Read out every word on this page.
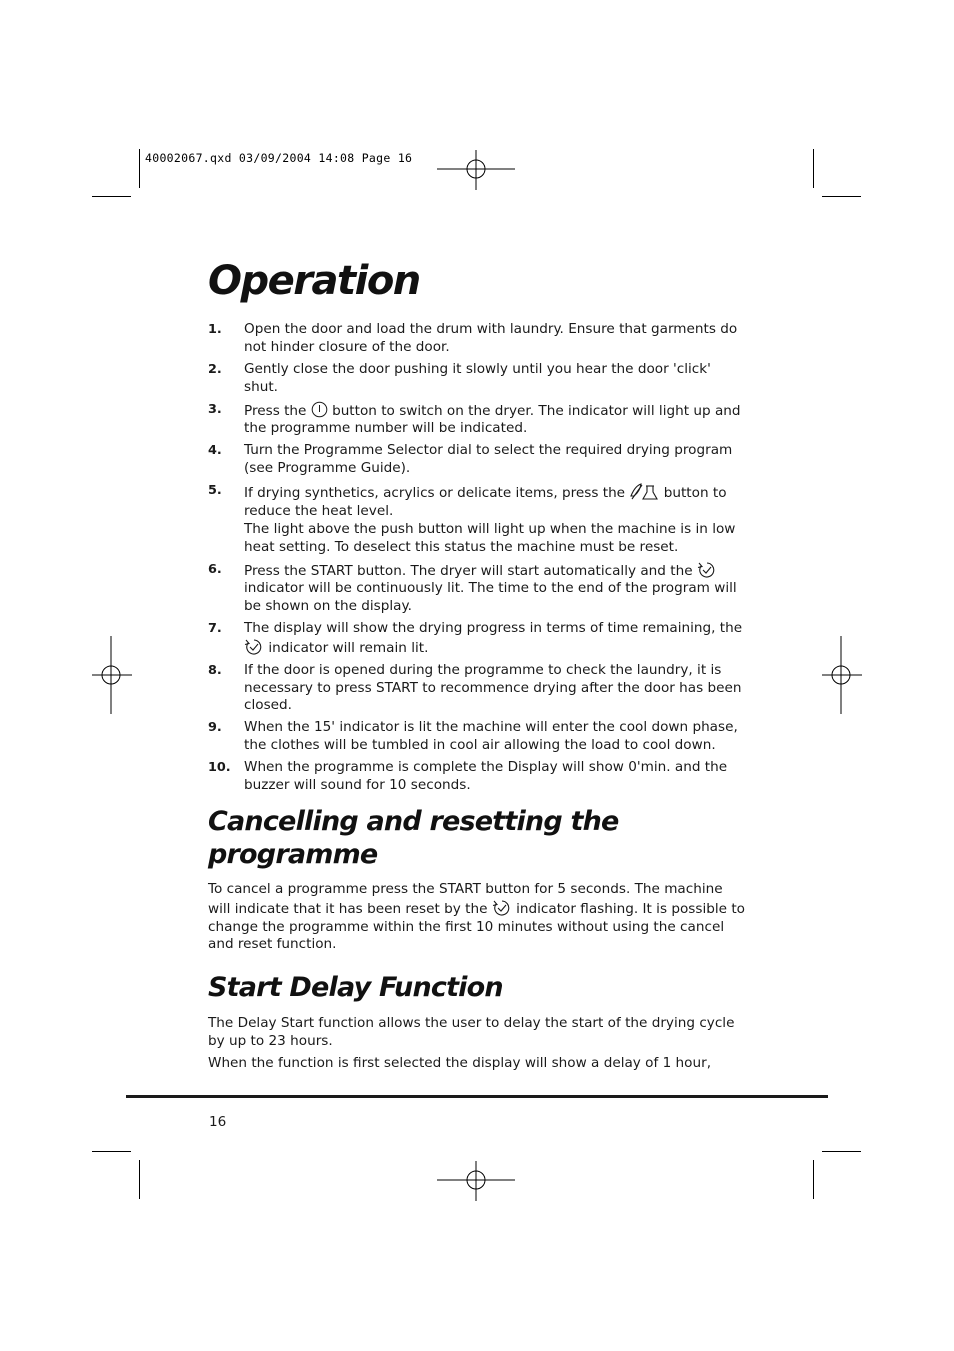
40002067.qxd 03/09/2004 14:08 Page 16
Operation
1. Open the door and load the drum with laundry. Ensure that garments do not hinder closure of the door.
2. Gently close the door pushing it slowly until you hear the door 'click' shut.
3. Press the button to switch on the dryer. The indicator will light up and the programme number will be indicated.
4. Turn the Programme Selector dial to select the required drying program (see Programme Guide).
5. If drying synthetics, acrylics or delicate items, press the	button to reduce the heat level.
The light above the push button will light up when the machine is in low heat setting. To deselect this status the machine must be reset.
6. Press the START button. The dryer will start automatically and the
indicator will be continuously lit. The time to the end of the program will be shown on the display.
7. The display will show the drying progress in terms of time remaining, the
indicator will remain lit.
8. If the door is opened during the programme to check the laundry, it is necessary to press START to recommence drying after the door has been closed.
9. When the 15' indicator is lit the machine will enter the cool down phase, the clothes will be tumbled in cool air allowing the load to cool down.
10. When the programme is complete the Display will show 0'min. and the buzzer will sound for 10 seconds.
Cancelling and resetting the
programme

To cancel a programme press the START button for 5 seconds. The machine will indicate that it has been reset by the indicator flashing. It is possible to change the programme within the first 10 minutes without using the cancel and reset function.

Start Delay Function

The Delay Start function allows the user to delay the start of the drying cycle by up to 23 hours.

When the function is first selected the display will show a delay of 1 hour,

16
